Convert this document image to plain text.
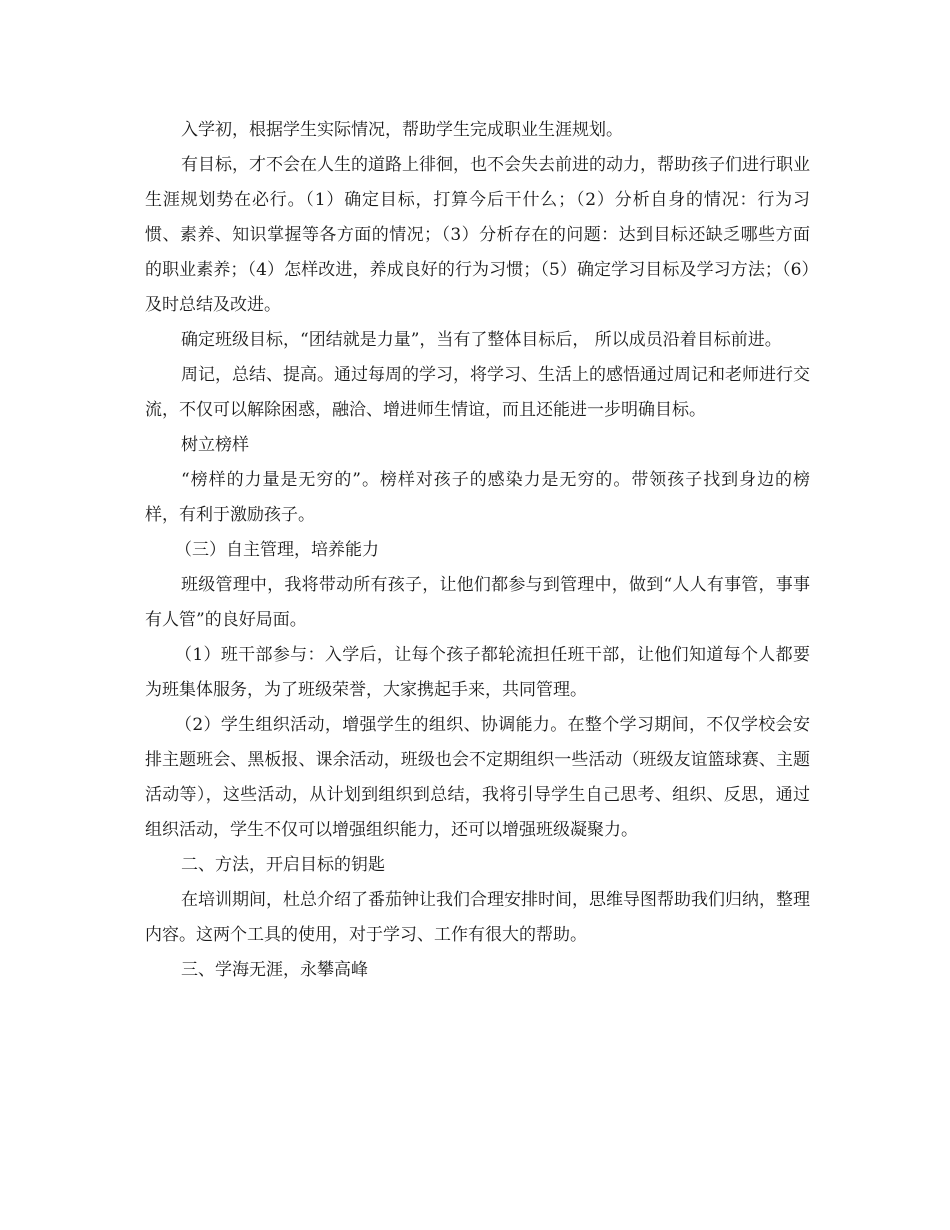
入学初，根据学生实际情况，帮助学生完成职业生涯规划。

有目标，才不会在人生的道路上徘徊，也不会失去前进的动力，帮助孩子们进行职业生涯规划势在必行。（1）确定目标，打算今后干什么；（2）分析自身的情况：行为习惯、素养、知识掌握等各方面的情况；（3）分析存在的问题：达到目标还缺乏哪些方面的职业素养；（4）怎样改进，养成良好的行为习惯；（5）确定学习目标及学习方法；（6）及时总结及改进。

确定班级目标，“团结就是力量”，当有了整体目标后， 所以成员沿着目标前进。

周记，总结、提高。通过每周的学习，将学习、生活上的感悟通过周记和老师进行交流，不仅可以解除困惑，融洽、增进师生情谊，而且还能进一步明确目标。

树立榜样

“榜样的力量是无穷的”。榜样对孩子的感染力是无穷的。带领孩子找到身边的榜样，有利于激励孩子。

（三）自主管理，培养能力

班级管理中，我将带动所有孩子，让他们都参与到管理中，做到“人人有事管，事事有人管”的良好局面。

（1）班干部参与：入学后，让每个孩子都轮流担任班干部，让他们知道每个人都要为班集体服务，为了班级荣誉，大家携起手来，共同管理。

（2）学生组织活动，增强学生的组织、协调能力。在整个学习期间，不仅学校会安排主题班会、黑板报、课余活动，班级也会不定期组织一些活动（班级友谊篮球赛、主题活动等），这些活动，从计划到组织到总结，我将引导学生自己思考、组织、反思，通过组织活动，学生不仅可以增强组织能力，还可以增强班级凝聚力。

二、方法，开启目标的钥匙

在培训期间，杜总介绍了番茄钟让我们合理安排时间，思维导图帮助我们归纳，整理内容。这两个工具的使用，对于学习、工作有很大的帮助。

三、学海无涯，永攀高峰
